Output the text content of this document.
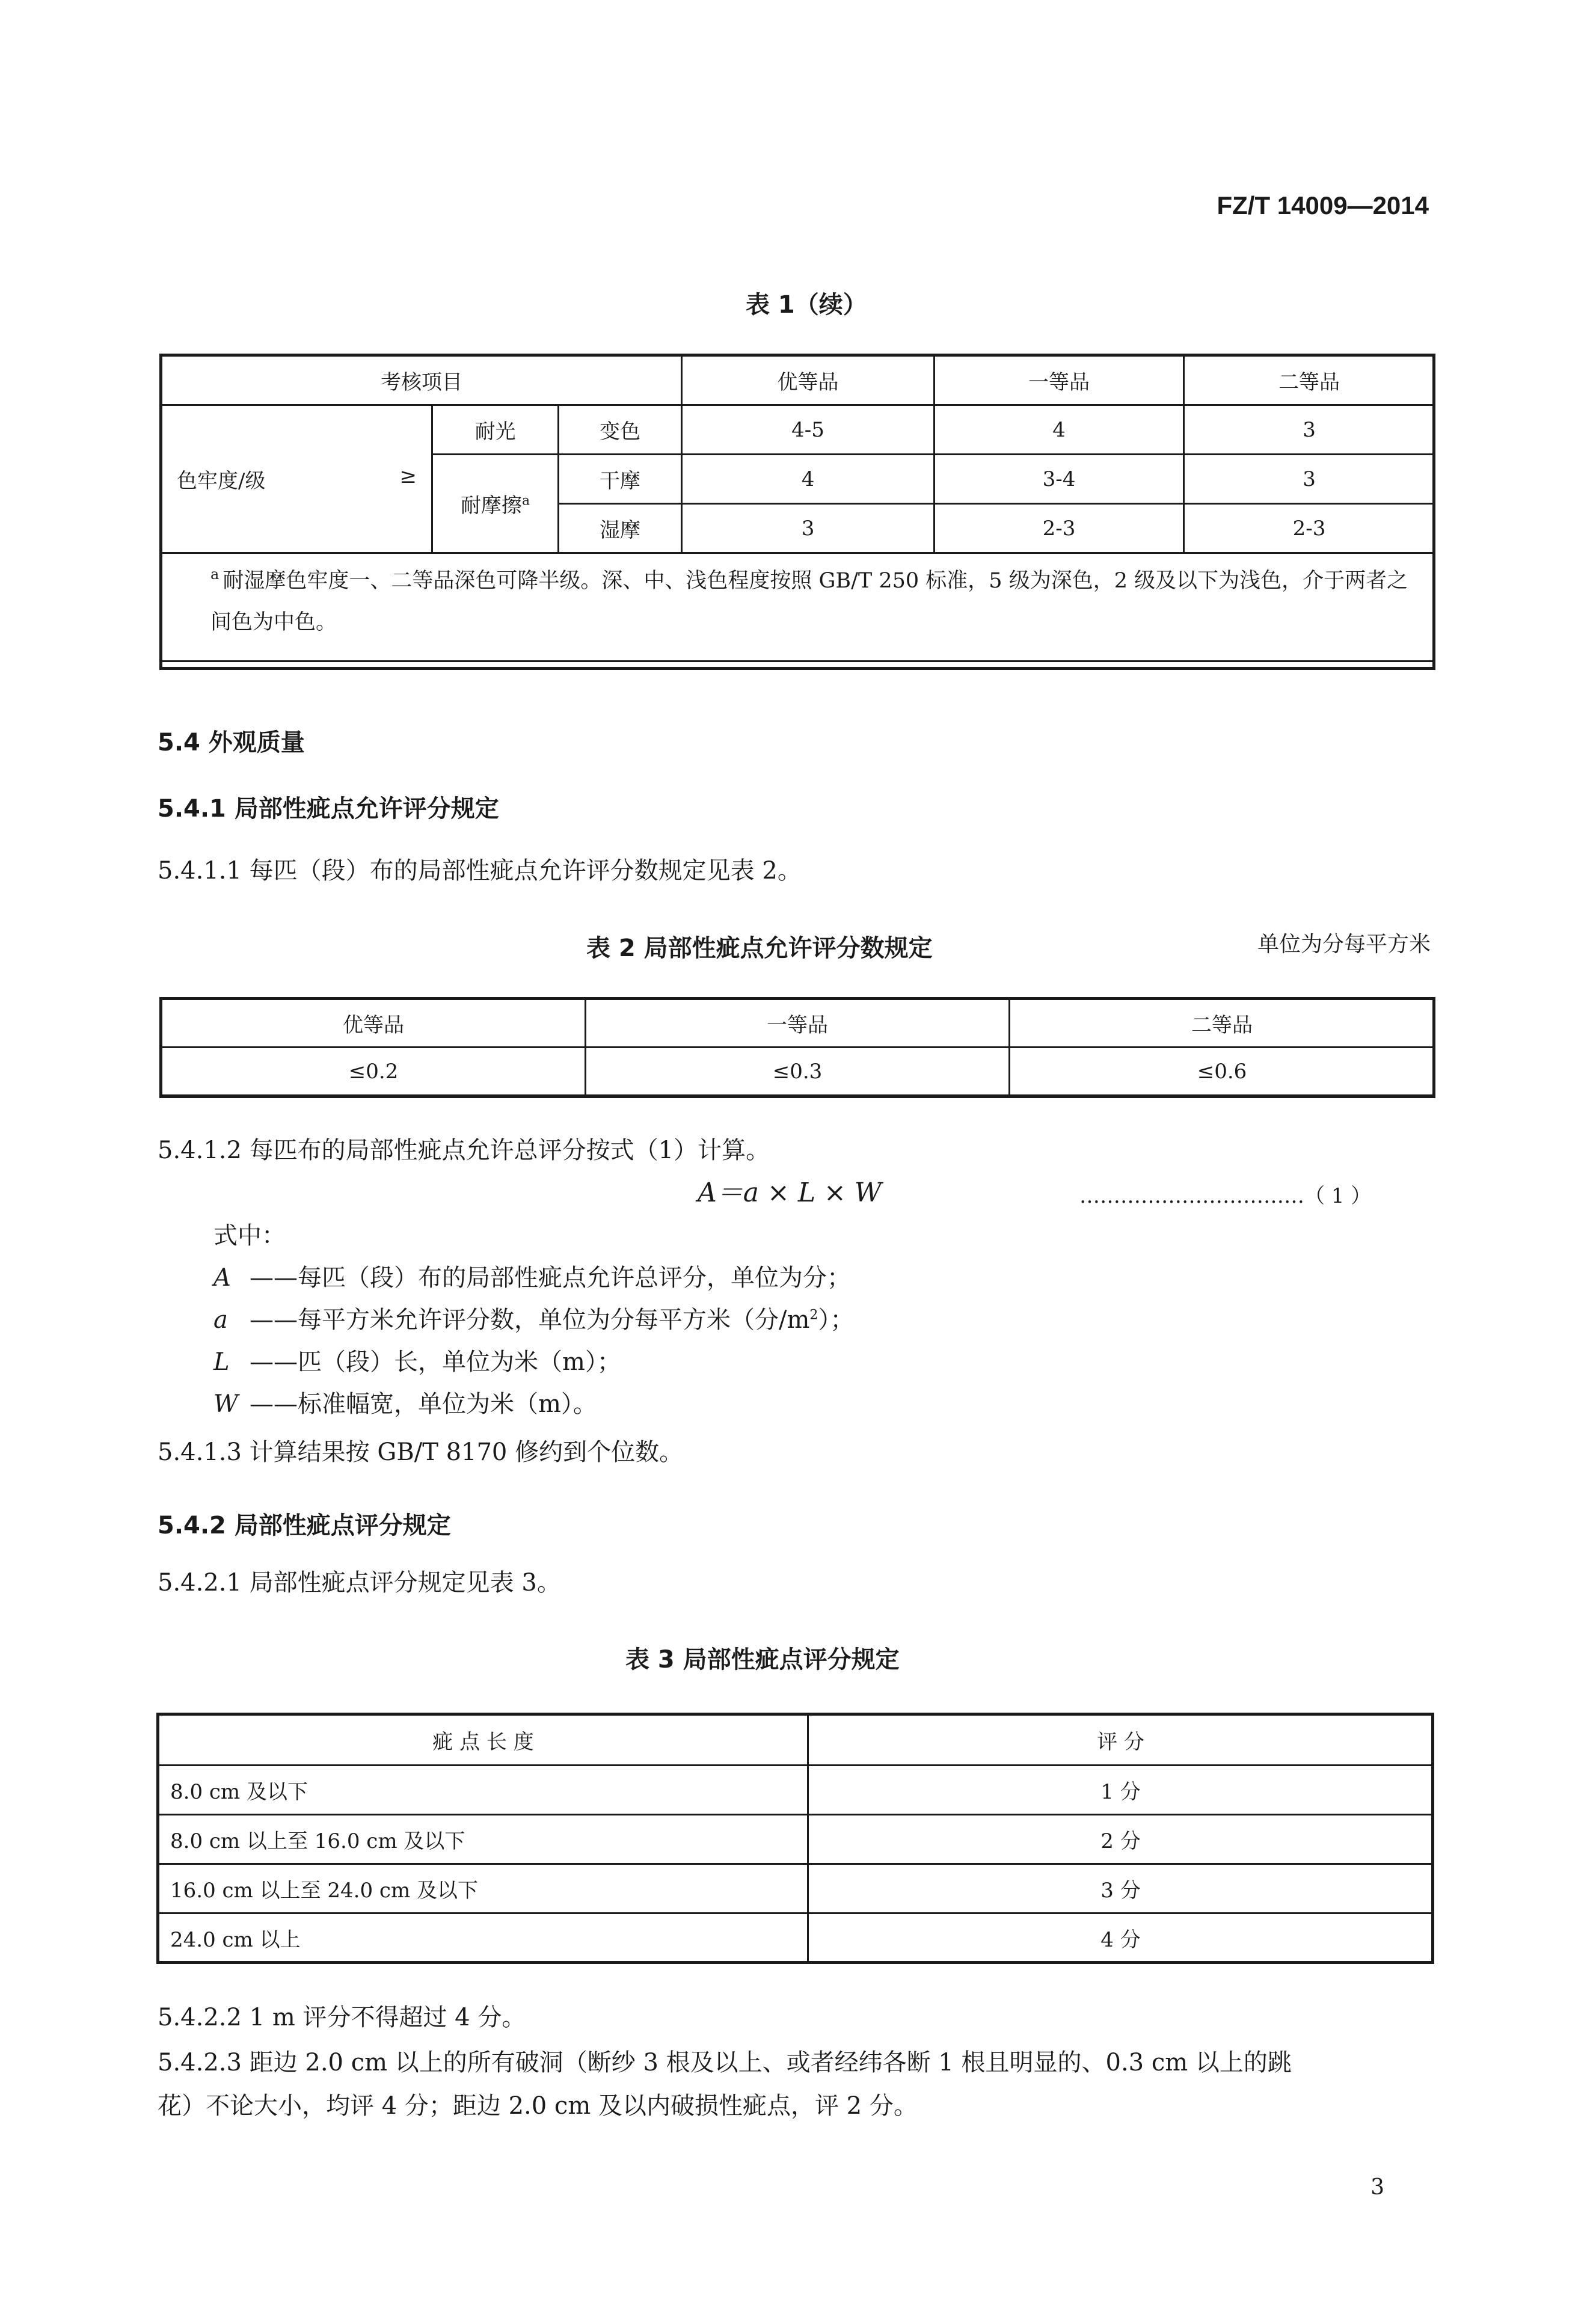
FZ/T 14009—2014
表 1（续）
考核项目			优等品	一等品	二等品
色牢度/级 ≥	耐光	变色	4-5	4	3
	耐摩擦$^a$	干摩	4	3-4	3
		湿摩	3	2-3	2-3
$^a$ 耐湿摩色牢度一、二等品深色可降半级。深、中、浅色程度按照 GB/T 250 标准，5 级为深色，2 级及以下为浅色，介于两者之间色为中色。					
5.4 外观质量
5.4.1 局部性疵点允许评分规定
5.4.1.1 每匹（段）布的局部性疵点允许评分数规定见表 2。
表 2 局部性疵点允许评分数规定	单位为分每平方米
优等品	一等品	二等品
≤0.2	≤0.3	≤0.6
5.4.1.2 每匹布的局部性疵点允许总评分按式（1）计算。
A＝a × L × W	……………………………（ 1 ）
式中：
A ——每匹（段）布的局部性疵点允许总评分，单位为分；
a ——每平方米允许评分数，单位为分每平方米（分$/m^2$）；
L ——匹（段）长，单位为米（m）；
W ——标准幅宽，单位为米（m）。
5.4.1.3 计算结果按 GB/T 8170 修约到个位数。
5.4.2 局部性疵点评分规定
5.4.2.1 局部性疵点评分规定见表 3。
表 3 局部性疵点评分规定
疵 点 长 度	评 分
8.0 cm 及以下	1 分
8.0 cm 以上至 16.0 cm 及以下	2 分
16.0 cm 以上至 24.0 cm 及以下	3 分
24.0 cm 以上	4 分
5.4.2.2 1 m 评分不得超过 4 分。
5.4.2.3 距边 2.0 cm 以上的所有破洞（断纱 3 根及以上、或者经纬各断 1 根且明显的、0.3 cm 以上的跳
花）不论大小，均评 4 分；距边 2.0 cm 及以内破损性疵点，评 2 分。
3
